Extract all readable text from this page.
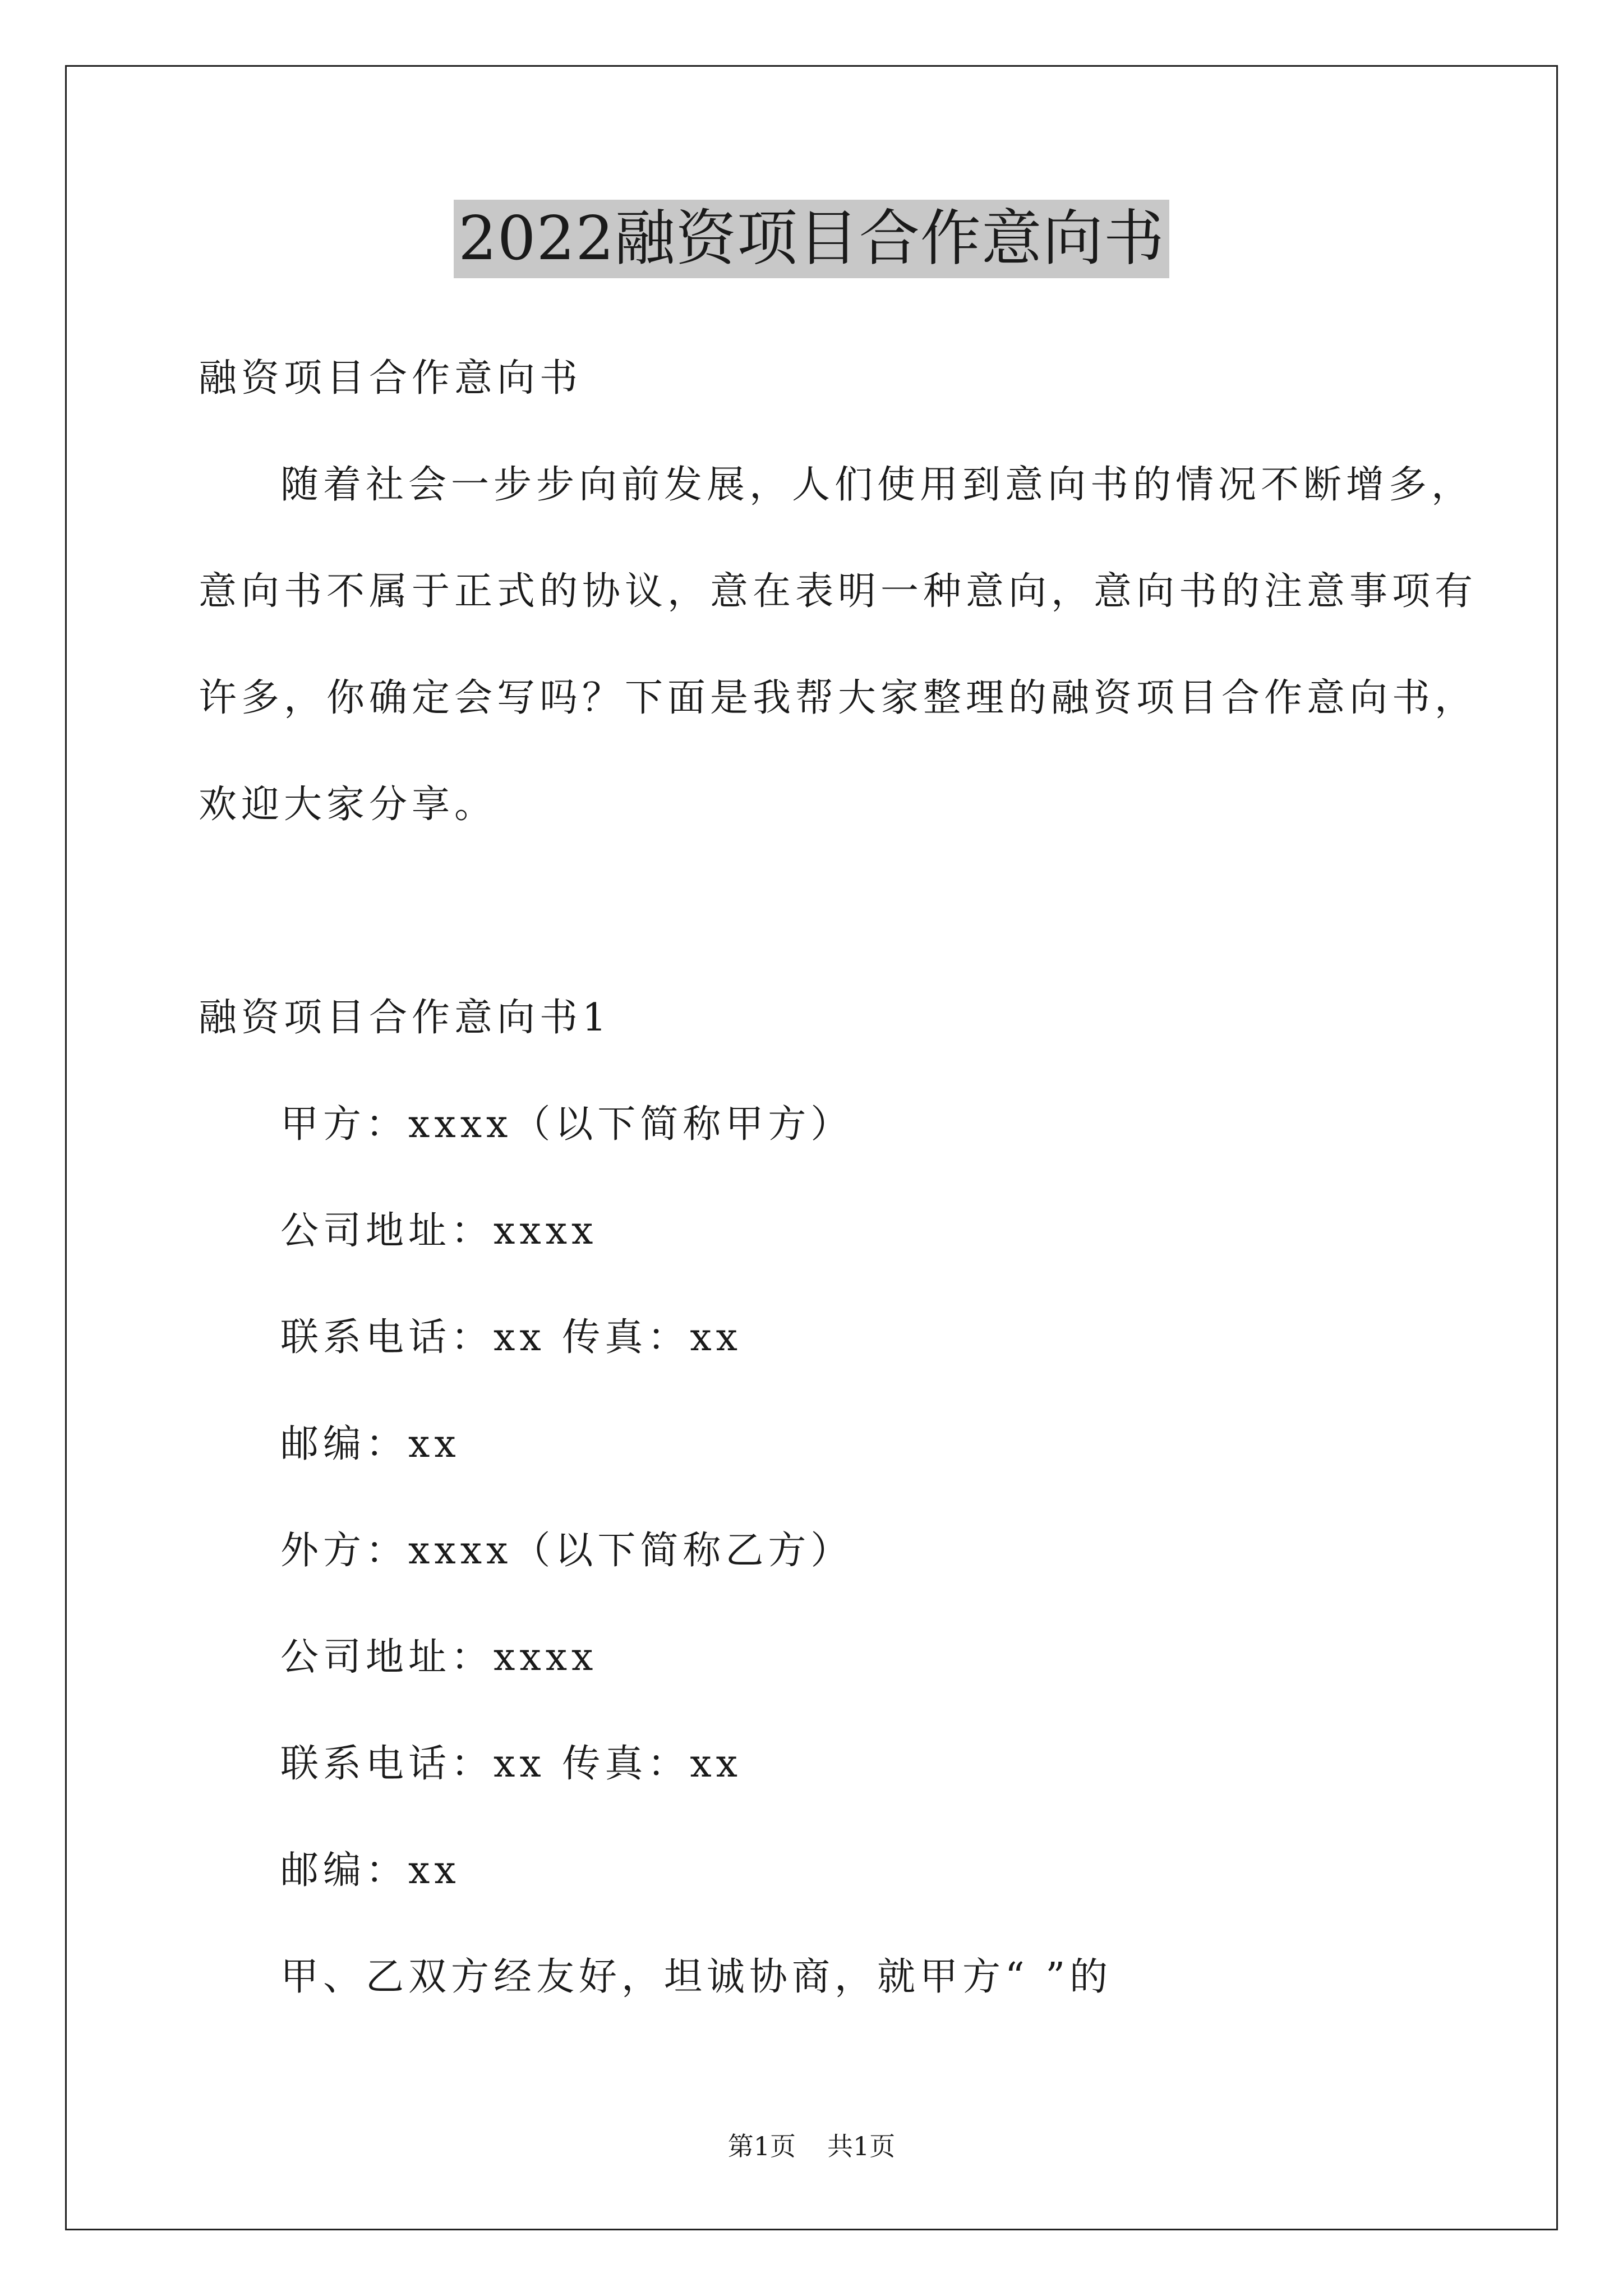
2022融资项目合作意向书
融资项目合作意向书
随着社会一步步向前发展，人们使用到意向书的情况不断增多，
意向书不属于正式的协议，意在表明一种意向，意向书的注意事项有
许多，你确定会写吗？下面是我帮大家整理的融资项目合作意向书，
欢迎大家分享。
融资项目合作意向书1
甲方：xxxx（以下简称甲方）
公司地址：xxxx
联系电话：xx 传真：xx
邮编：xx
外方：xxxx（以下简称乙方）
公司地址：xxxx
联系电话：xx 传真：xx
邮编：xx
甲、乙双方经友好，坦诚协商，就甲方“ ”的
第1页 共1页
